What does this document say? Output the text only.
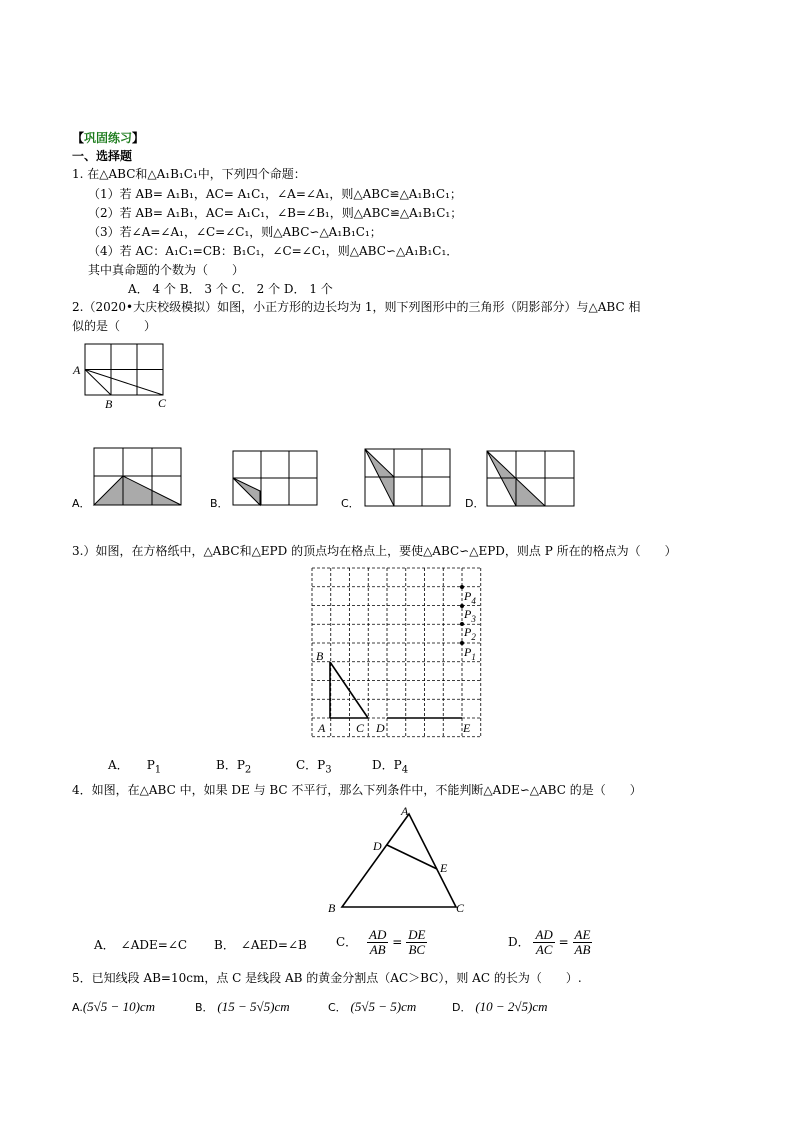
【巩固练习】
一、选择题
1. 在△ABC和△A₁B₁C₁中，下列四个命题：
（1）若 AB= A₁B₁，AC= A₁C₁，∠A=∠A₁，则△ABC≌△A₁B₁C₁；
（2）若 AB= A₁B₁，AC= A₁C₁，∠B=∠B₁，则△ABC≌△A₁B₁C₁；
（3）若∠A=∠A₁，∠C=∠C₁，则△ABC∽△A₁B₁C₁；
（4）若 AC：A₁C₁=CB：B₁C₁，∠C=∠C₁，则△ABC∽△A₁B₁C₁．
其中真命题的个数为（　　）
A． 4 个 B． 3 个 C． 2 个 D． 1 个
2.（2020•大庆校级模拟）如图，小正方形的边长均为 1，则下列图形中的三角形（阴影部分）与△ABC 相
似的是（　　）
A
B	C
A．	B．	C．	D．
3.）如图，在方格纸中，△ABC和△EPD 的顶点均在格点上，要使△ABC∽△EPD，则点 P 所在的格点为（　　）
B
A	C D	E
$P_4$
$P_3$
$P_2$
$P_1$
A．　　 $P_1$	B．$P_2$	C．$P_3$	D．$P_4$
4．如图，在△ABC 中，如果 DE 与 BC 不平行，那么下列条件中，不能判断△ADE∽△ABC 的是（　　）
A
D
E
B	C
A．　∠ADE=∠C B．　∠AED=∠B C．　 $\frac{AD}{AB} = \frac{DE}{BC}$	D． $\frac{AD}{AC} = \frac{AE}{AB}$
5．已知线段 AB=10cm，点 C 是线段 AB 的黄金分割点（AC＞BC），则 AC 的长为（　　）.
A.(5√5 − 10)cm	B． (15 − 5√5)cm	C． (5√5 − 5)cm	D． (10 − 2√5)cm
